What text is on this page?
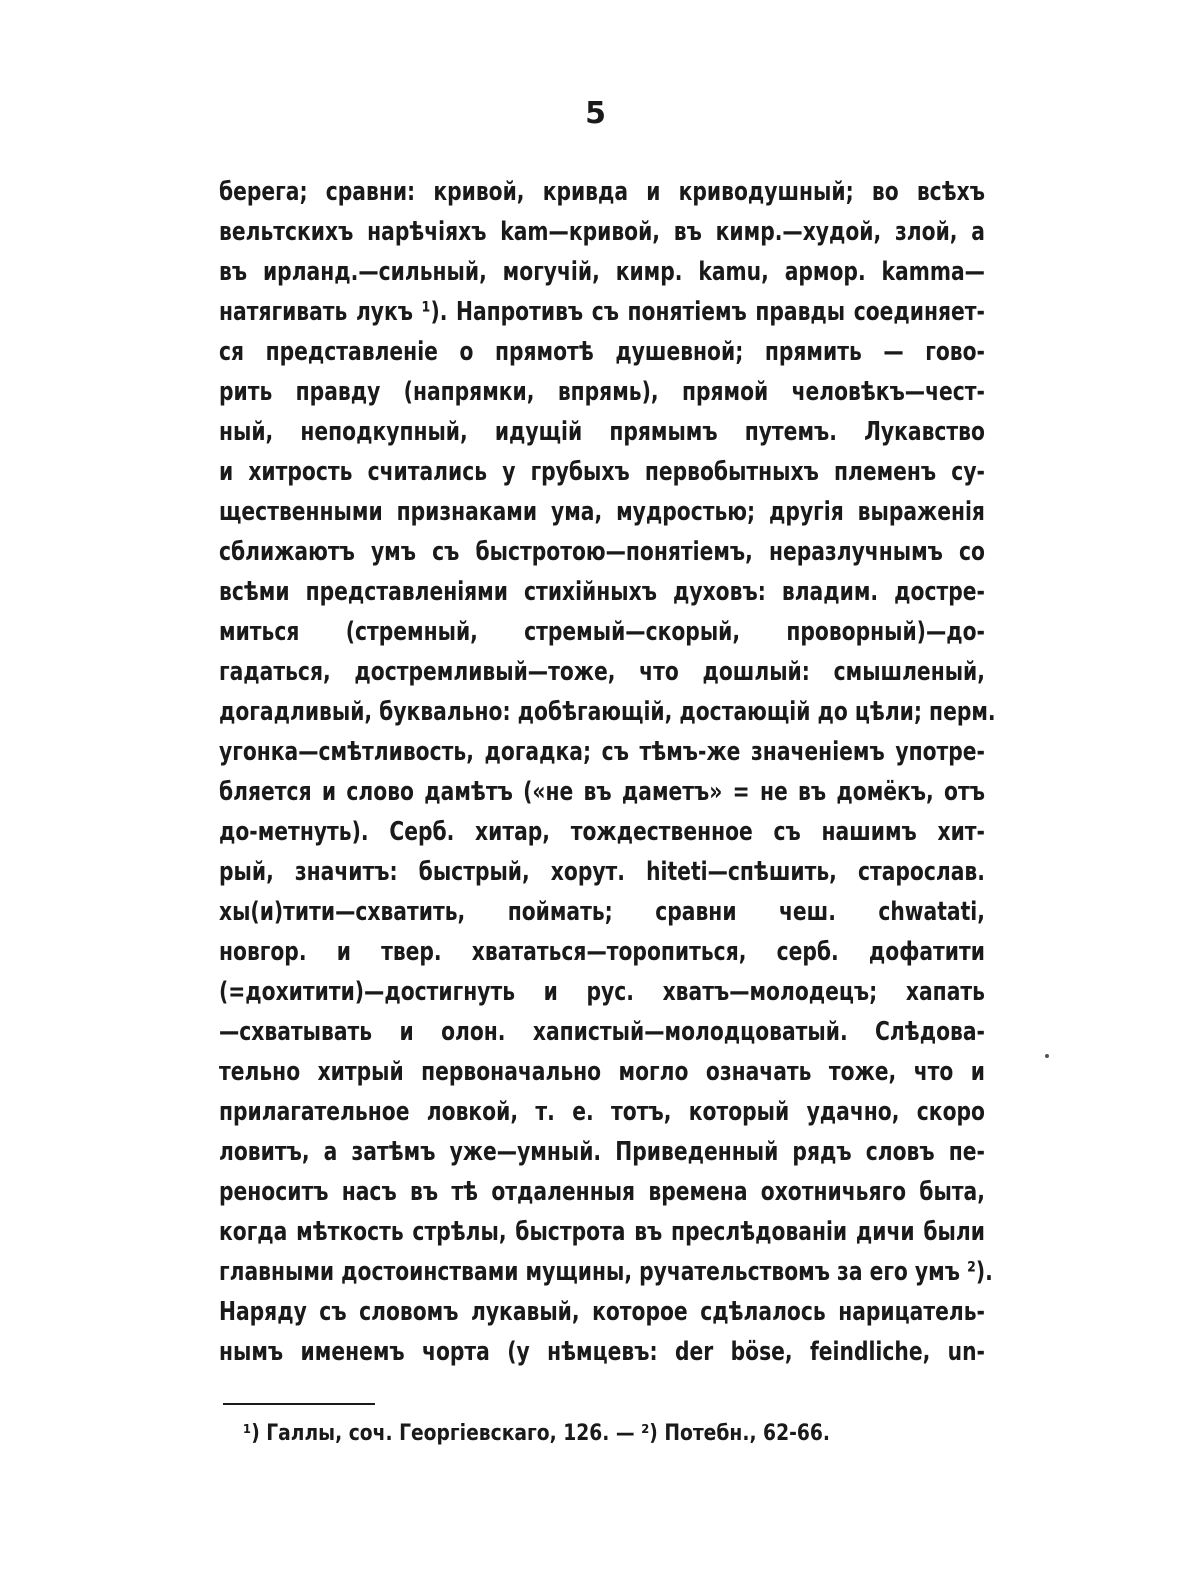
5
берега; сравни: кривой, кривда и криводушный; во всѣхъ
вельтскихъ нарѣчіяхъ kam—кривой, въ кимр.—худой, злой, а
въ ирланд.—сильный, могучій, кимр. kamu, армор. kamma—
натягивать лукъ ¹). Напротивъ съ понятіемъ правды соединяет-
ся представленіе о прямотѣ душевной; прямить — гово-
рить правду (напрямки, впрямь), прямой человѣкъ—чест-
ный, неподкупный, идущій прямымъ путемъ. Лукавство
и хитрость считались у грубыхъ первобытныхъ племенъ су-
щественными признаками ума, мудростью; другія выраженія
сближаютъ умъ съ быстротою—понятіемъ, неразлучнымъ со
всѣми представленіями стихійныхъ духовъ: владим. достре-
миться (стремный, стремый—скорый, проворный)—до-
гадаться, достремливый—тоже, что дошлый: смышленый,
догадливый, буквально: добѣгающій, достающій до цѣли; перм.
угонка—смѣтливость, догадка; съ тѣмъ-же значеніемъ употре-
бляется и слово дамѣтъ («не въ даметъ» = не въ домёкъ, отъ
до-метнуть). Серб. хитар, тождественное съ нашимъ хит-
рый, значитъ: быстрый, хорут. hiteti—спѣшить, старослав.
хы(и)тити—схватить, поймать; сравни чеш. chwatati,
новгор. и твер. хвататься—торопиться, серб. дофатити
(=дохитити)—достигнуть и рус. хватъ—молодецъ; хапать
—схватывать и олон. хапистый—молодцоватый. Слѣдова-
тельно хитрый первоначально могло означать тоже, что и
прилагательное ловкой, т. е. тотъ, который удачно, скоро
ловитъ, а затѣмъ уже—умный. Приведенный рядъ словъ пе-
реноситъ насъ въ тѣ отдаленныя времена охотничьяго быта,
когда мѣткость стрѣлы, быстрота въ преслѣдованіи дичи были
главными достоинствами мущины, ручательствомъ за его умъ ²).
Наряду съ словомъ лукавый, которое сдѣлалось нарицатель-
нымъ именемъ чорта (у нѣмцевъ: der böse, feindliche, un-
¹) Галлы, соч. Георгіевскаго, 126. — ²) Потебн., 62-66.
